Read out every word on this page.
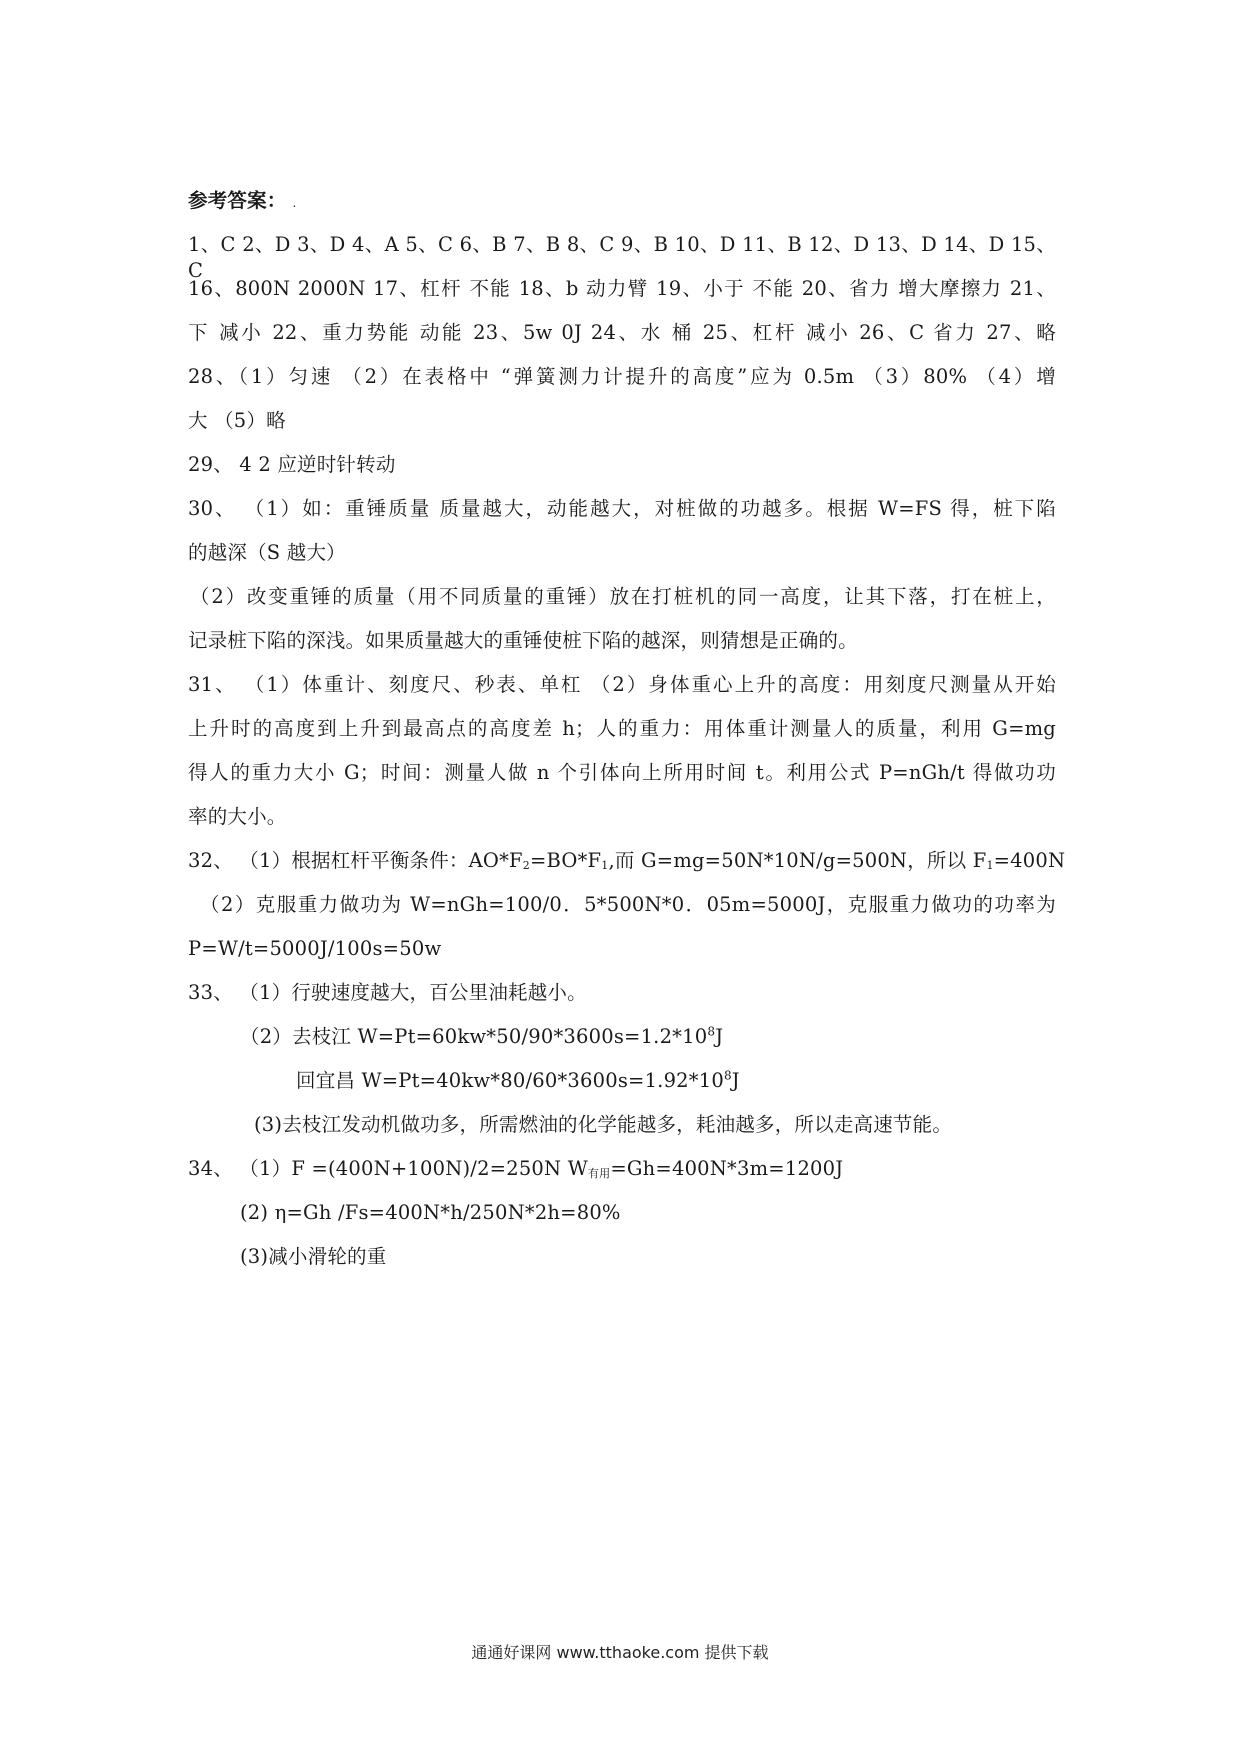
参考答案： .
1、C 2、D 3、D 4、A 5、C 6、B 7、B 8、C 9、B 10、D 11、B 12、D 13、D 14、D 15、C
16、800N 2000N 17、杠杆 不能 18、b 动力臂 19、小于 不能 20、省力 增大摩擦力 21、
下 减小 22、重力势能 动能 23、5w 0J 24、水 桶 25、杠杆 减小 26、C 省力 27、略
28、（1）匀速 （2）在表格中 “弹簧测力计提升的高度”应为 0.5m （3）80% （4）增
大 （5）略
29、 4 2 应逆时针转动
30、 （1）如：重锤质量 质量越大，动能越大，对桩做的功越多。根据 W=FS 得，桩下陷
的越深（S 越大）
（2）改变重锤的质量（用不同质量的重锤）放在打桩机的同一高度，让其下落，打在桩上，
记录桩下陷的深浅。如果质量越大的重锤使桩下陷的越深，则猜想是正确的。
31、 （1）体重计、刻度尺、秒表、单杠 （2）身体重心上升的高度：用刻度尺测量从开始
上升时的高度到上升到最高点的高度差 h；人的重力：用体重计测量人的质量，利用 G=mg
得人的重力大小 G；时间：测量人做 n 个引体向上所用时间 t。利用公式 P=nGh/t 得做功功
率的大小。
32、 （1）根据杠杆平衡条件：$AO*F_2=BO*F_1$,而 G=mg=50N*10N/g=500N，所以 $F_1=400N$
（2）克服重力做功为 W=nGh=100/0．5*500N*0．05m=5000J，克服重力做功的功率为
P=W/t=5000J/100s=50w
33、 （1）行驶速度越大，百公里油耗越小。
（2）去枝江 $W=Pt=60kw*50/90*3600s=1.2*10^8J$
回宜昌 $W=Pt=40kw*80/60*3600s=1.92*10^8J$
(3)去枝江发动机做功多，所需燃油的化学能越多，耗油越多，所以走高速节能。
34、 （1）F =(400N+100N)/2=250N $W_{有用}=Gh=400N*3m=1200J$
(2) η=Gh /Fs=400N*h/250N*2h=80%
(3)减小滑轮的重
通通好课网 www.tthaoke.com 提供下载
